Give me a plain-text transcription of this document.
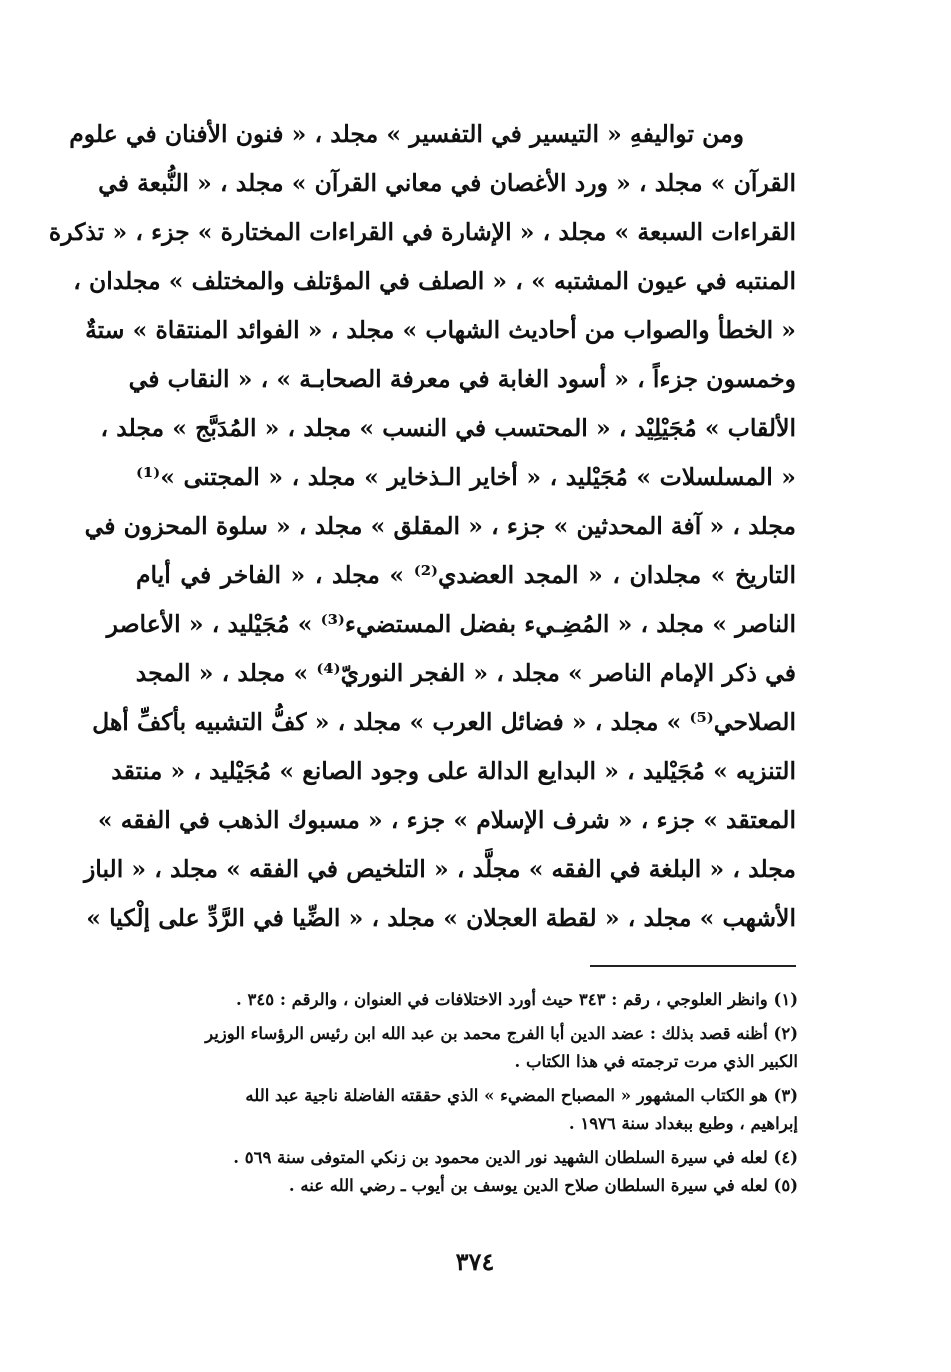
ومن تواليفهِ « التيسير في التفسير » مجلد ، « فنون الأفنان في علوم
القرآن » مجلد ، « ورد الأغصان في معاني القرآن » مجلد ، « النُّبعة في
القراءات السبعة » مجلد ، « الإشارة في القراءات المختارة » جزء ، « تذكرة
المنتبه في عيون المشتبه » ، « الصلف في المؤتلف والمختلف » مجلدان ،
« الخطأ والصواب من أحاديث الشهاب » مجلد ، « الفوائد المنتقاة » ستةٌ
وخمسون جزءاً ، « أسود الغابة في معرفة الصحابـة » ، « النقاب في
الألقاب » مُجَيْلِيْد ، « المحتسب في النسب » مجلد ، « المُدَبَّج » مجلد ،
« المسلسلات » مُجَيْليد ، « أخاير الـذخاير » مجلد ، « المجتنى »⁽¹⁾
مجلد ، « آفة المحدثين » جزء ، « المقلق » مجلد ، « سلوة المحزون في
التاريخ » مجلدان ، « المجد العضدي⁽²⁾ » مجلد ، « الفاخر في أيام
الناصر » مجلد ، « المُضِـيء بفضل المستضيء⁽³⁾ » مُجَيْليد ، « الأعاصر
في ذكر الإمام الناصر » مجلد ، « الفجر النوريّ⁽⁴⁾ » مجلد ، « المجد
الصلاحي⁽⁵⁾ » مجلد ، « فضائل العرب » مجلد ، « كفُّ التشبيه بأكفِّ أهل
التنزيه » مُجَيْليد ، « البدايع الدالة على وجود الصانع » مُجَيْليد ، « منتقد
المعتقد » جزء ، « شرف الإسلام » جزء ، « مسبوك الذهب في الفقه »
مجلد ، « البلغة في الفقه » مجلَّد ، « التلخيص في الفقه » مجلد ، « الباز
الأشهب » مجلد ، « لقطة العجلان » مجلد ، « الضِّيا في الرَّدِّ على إلْكيا »
(١) وانظر العلوجي ، رقم : ٣٤٣ حيث أورد الاختلافات في العنوان ، والرقم : ٣٤٥ .
(٢) أظنه قصد بذلك : عضد الدين أبا الفرج محمد بن عبد الله ابن رئيس الرؤساء الوزير
الكبير الذي مرت ترجمته في هذا الكتاب .
(٣) هو الكتاب المشهور « المصباح المضيء » الذي حققته الفاضلة ناجية عبد الله
إبراهيم ، وطبع ببغداد سنة ١٩٧٦ .
(٤) لعله في سيرة السلطان الشهيد نور الدين محمود بن زنكي المتوفى سنة ٥٦٩ .
(٥) لعله في سيرة السلطان صلاح الدين يوسف بن أيوب ـ رضي الله عنه .
٣٧٤
